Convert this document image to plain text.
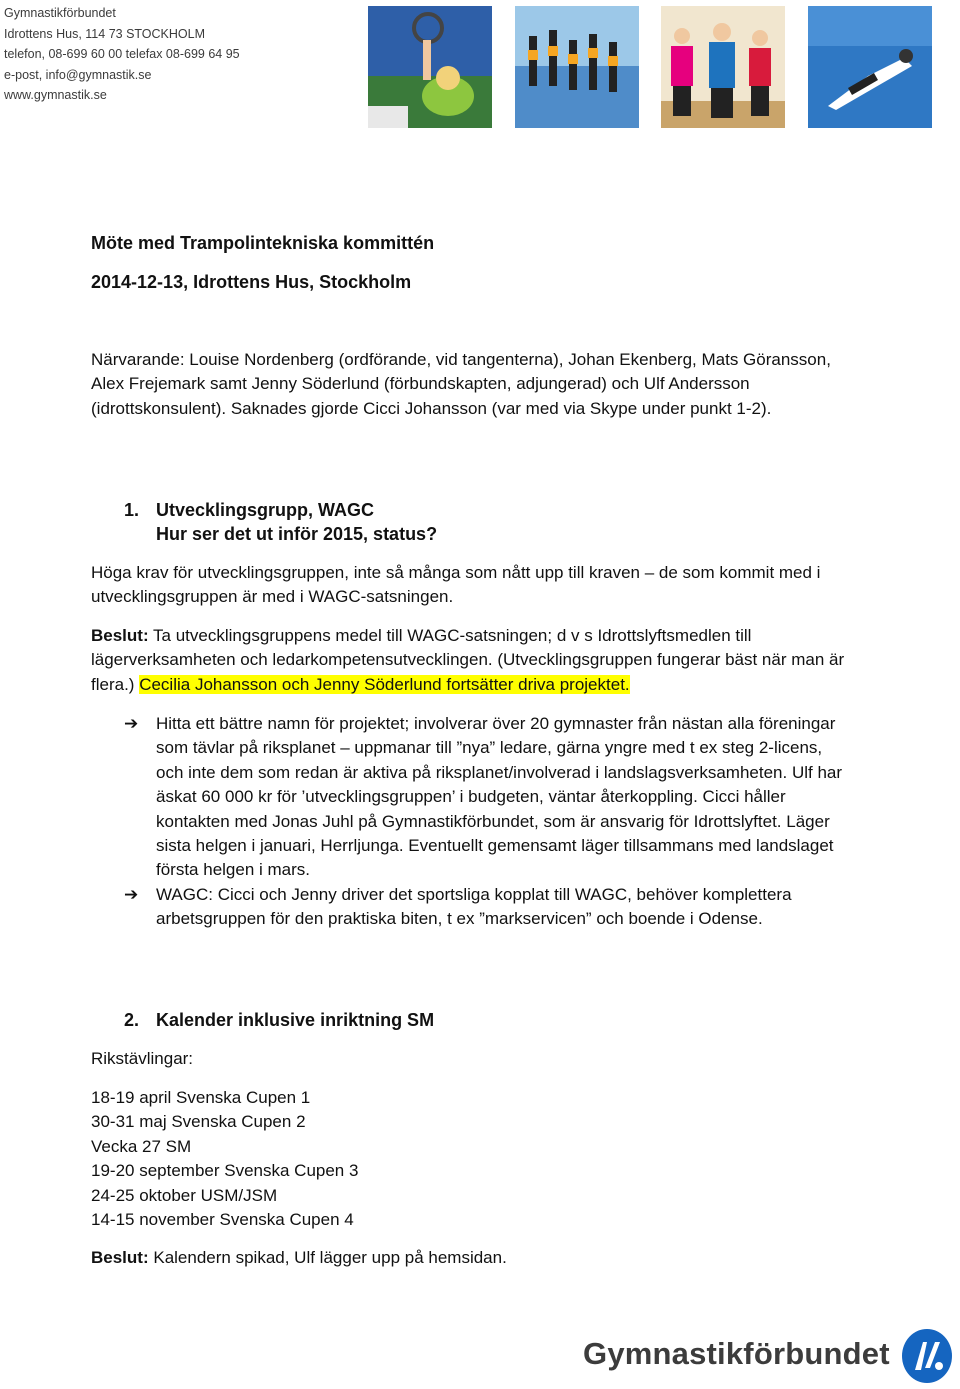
Gymnastikförbundet
Idrottens Hus, 114 73 STOCKHOLM
telefon, 08-699 60 00 telefax 08-699 64 95
e-post, info@gymnastik.se
www.gymnastik.se
Möte med Trampolintekniska kommittén
2014-12-13, Idrottens Hus, Stockholm
Närvarande: Louise Nordenberg (ordförande, vid tangenterna), Johan Ekenberg, Mats Göransson, Alex Frejemark samt Jenny Söderlund (förbundskapten, adjungerad) och Ulf Andersson (idrottskonsulent). Saknades gjorde Cicci Johansson (var med via Skype under punkt 1-2).
1. Utvecklingsgrupp, WAGC
Hur ser det ut inför 2015, status?
Höga krav för utvecklingsgruppen, inte så många som nått upp till kraven – de som kommit med i utvecklingsgruppen är med i WAGC-satsningen.
Beslut: Ta utvecklingsgruppens medel till WAGC-satsningen; d v s Idrottslyftsmedlen till lägerverksamheten och ledarkompetensutvecklingen. (Utvecklingsgruppen fungerar bäst när man är flera.) Cecilia Johansson och Jenny Söderlund fortsätter driva projektet.
➔	Hitta ett bättre namn för projektet; involverar över 20 gymnaster från nästan alla föreningar som tävlar på riksplanet – uppmanar till ”nya” ledare, gärna yngre med t ex steg 2-licens, och inte dem som redan är aktiva på riksplanet/involverad i landslagsverksamheten. Ulf har äskat 60 000 kr för ’utvecklingsgruppen’ i budgeten, väntar återkoppling. Cicci håller kontakten med Jonas Juhl på Gymnastikförbundet, som är ansvarig för Idrottslyftet. Läger sista helgen i januari, Herrljunga. Eventuellt gemensamt läger tillsammans med landslaget första helgen i mars.
➔	WAGC: Cicci och Jenny driver det sportsliga kopplat till WAGC, behöver komplettera arbetsgruppen för den praktiska biten, t ex ”markservicen” och boende i Odense.
2. Kalender inklusive inriktning SM
Rikstävlingar:
18-19 april Svenska Cupen 1
30-31 maj Svenska Cupen 2
Vecka 27 SM
19-20 september Svenska Cupen 3
24-25 oktober USM/JSM
14-15 november Svenska Cupen 4
Beslut: Kalendern spikad, Ulf lägger upp på hemsidan.
Gymnastikförbundet
